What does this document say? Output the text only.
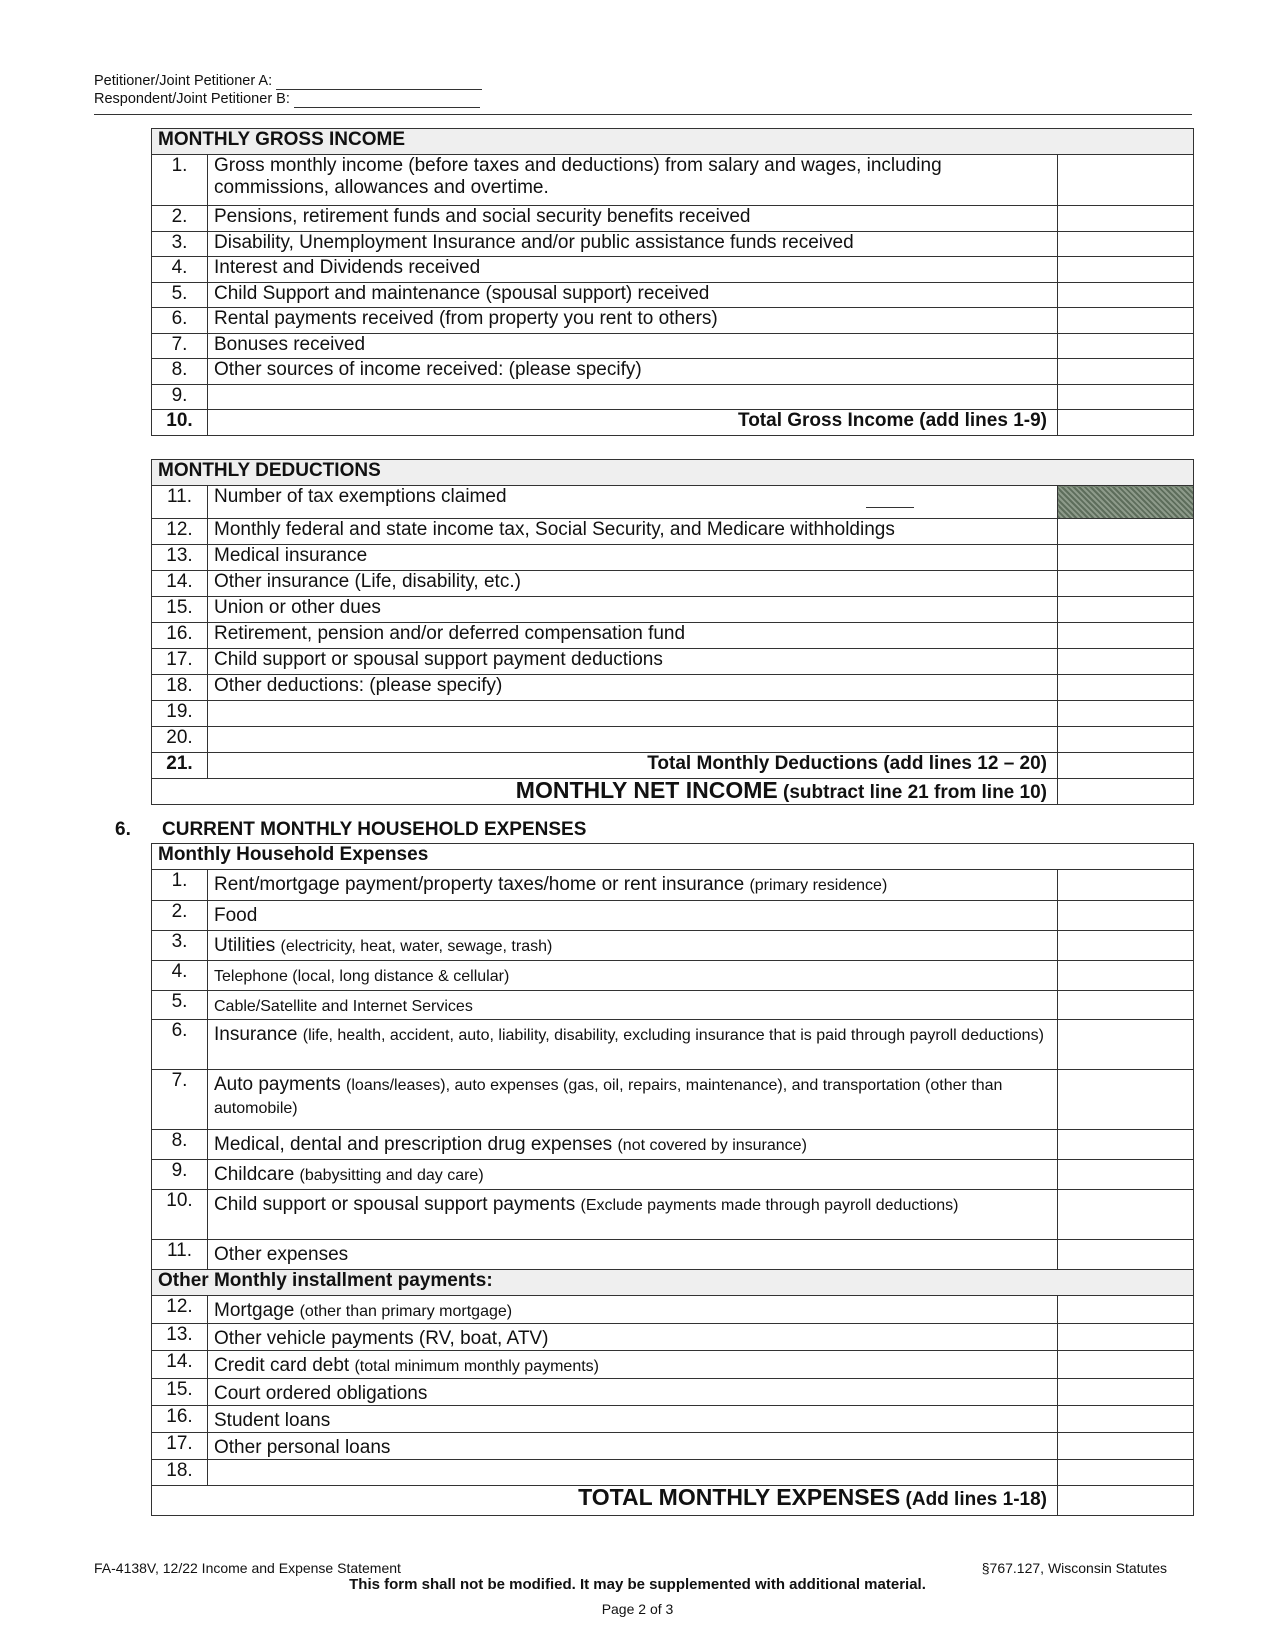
Petitioner/Joint Petitioner A:
Respondent/Joint Petitioner B:
MONTHLY GROSS INCOME		
1.	Gross monthly income (before taxes and deductions) from salary and wages, including commissions, allowances and overtime.	
2.	Pensions, retirement funds and social security benefits received	
3.	Disability, Unemployment Insurance and/or public assistance funds received	
4.	Interest and Dividends received	
5.	Child Support and maintenance (spousal support) received	
6.	Rental payments received (from property you rent to others)	
7.	Bonuses received	
8.	Other sources of income received: (please specify)	
9.		
10.	Total Gross Income (add lines 1-9)	
MONTHLY DEDUCTIONS		
11.	Number of tax exemptions claimed	
12.	Monthly federal and state income tax, Social Security, and Medicare withholdings	
13.	Medical insurance	
14.	Other insurance (Life, disability, etc.)	
15.	Union or other dues	
16.	Retirement, pension and/or deferred compensation fund	
17.	Child support or spousal support payment deductions	
18.	Other deductions: (please specify)	
19.		
20.		
21.	Total Monthly Deductions (add lines 12 – 20)	
MONTHLY NET INCOME (subtract line 21 from line 10)		
6. CURRENT MONTHLY HOUSEHOLD EXPENSES
Monthly Household Expenses		
1.	Rent/mortgage payment/property taxes/home or rent insurance (primary residence)	
2.	Food	
3.	Utilities (electricity, heat, water, sewage, trash)	
4.	Telephone (local, long distance & cellular)	
5.	Cable/Satellite and Internet Services	
6.	Insurance (life, health, accident, auto, liability, disability, excluding insurance that is paid through payroll deductions)	
7.	Auto payments (loans/leases), auto expenses (gas, oil, repairs, maintenance), and transportation (other than automobile)	
8.	Medical, dental and prescription drug expenses (not covered by insurance)	
9.	Childcare (babysitting and day care)	
10.	Child support or spousal support payments (Exclude payments made through payroll deductions)	
11.	Other expenses	
Other Monthly installment payments:		
12.	Mortgage (other than primary mortgage)	
13.	Other vehicle payments (RV, boat, ATV)	
14.	Credit card debt (total minimum monthly payments)	
15.	Court ordered obligations	
16.	Student loans	
17.	Other personal loans	
18.		
TOTAL MONTHLY EXPENSES (Add lines 1-18)		
FA-4138V, 12/22 Income and Expense Statement	§767.127, Wisconsin Statutes
This form shall not be modified. It may be supplemented with additional material.
Page 2 of 3
